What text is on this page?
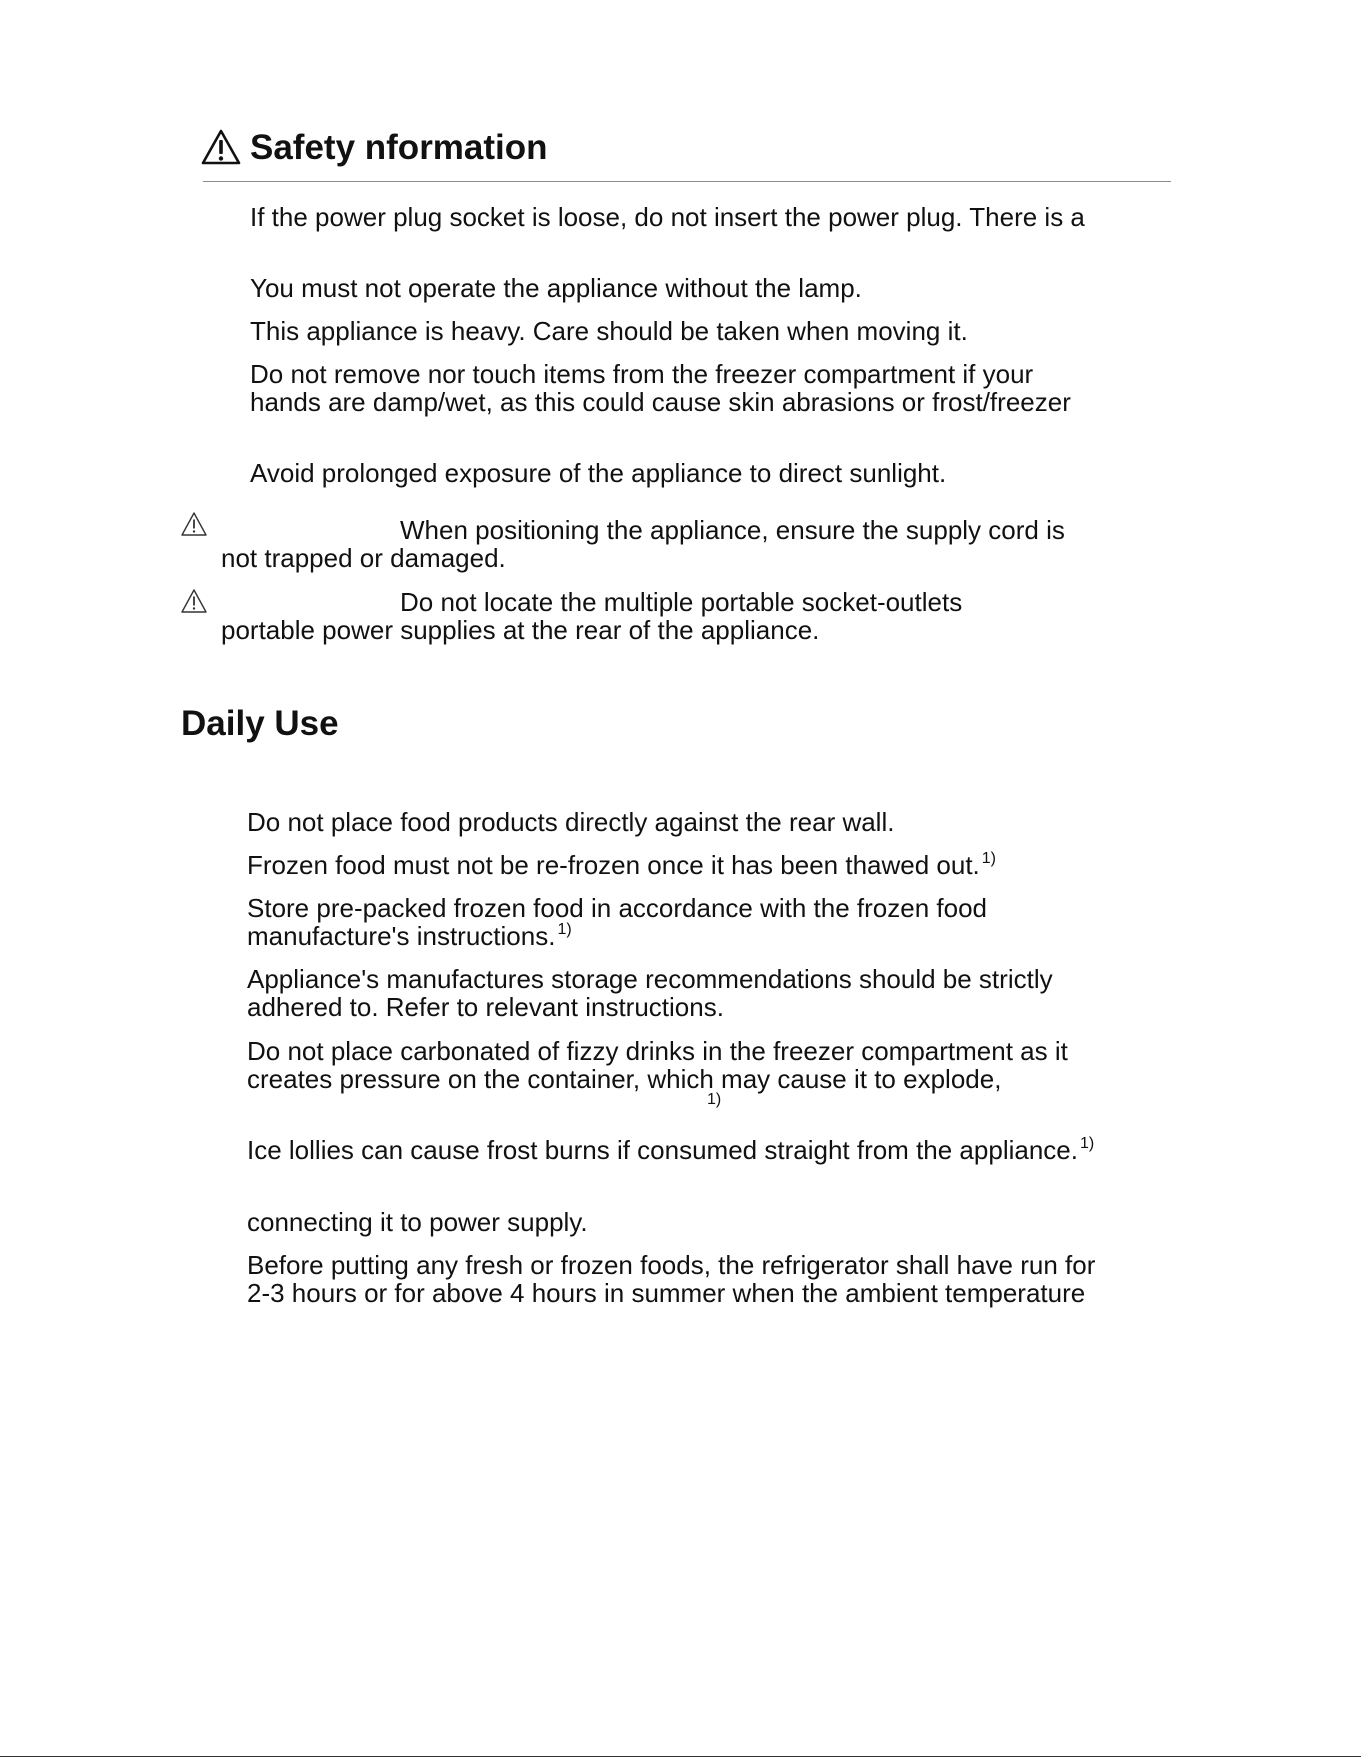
Safety nformation
If the power plug socket is loose, do not insert the power plug. There is a
You must not operate the appliance without the lamp.
This appliance is heavy. Care should be taken when moving it.
Do not remove nor touch items from the freezer compartment if your
hands are damp/wet, as this could cause skin abrasions or frost/freezer
Avoid prolonged exposure of the appliance to direct sunlight.
When positioning the appliance, ensure the supply cord is
not trapped or damaged.
Do not locate the multiple portable socket-outlets
portable power supplies at the rear of the appliance.
Daily Use
Do not place food products directly against the rear wall.
Frozen food must not be re-frozen once it has been thawed out. $^{1)}$
Store pre-packed frozen food in accordance with the frozen food
manufacture's instructions. $^{1)}$
Appliance's manufactures storage recommendations should be strictly
adhered to. Refer to relevant instructions.
Do not place carbonated of fizzy drinks in the freezer compartment as it
creates pressure on the container, which may cause it to explode,
1)
Ice lollies can cause frost burns if consumed straight from the appliance. $^{1)}$
connecting it to power supply.
Before putting any fresh or frozen foods, the refrigerator shall have run for
2-3 hours or for above 4 hours in summer when the ambient temperature
